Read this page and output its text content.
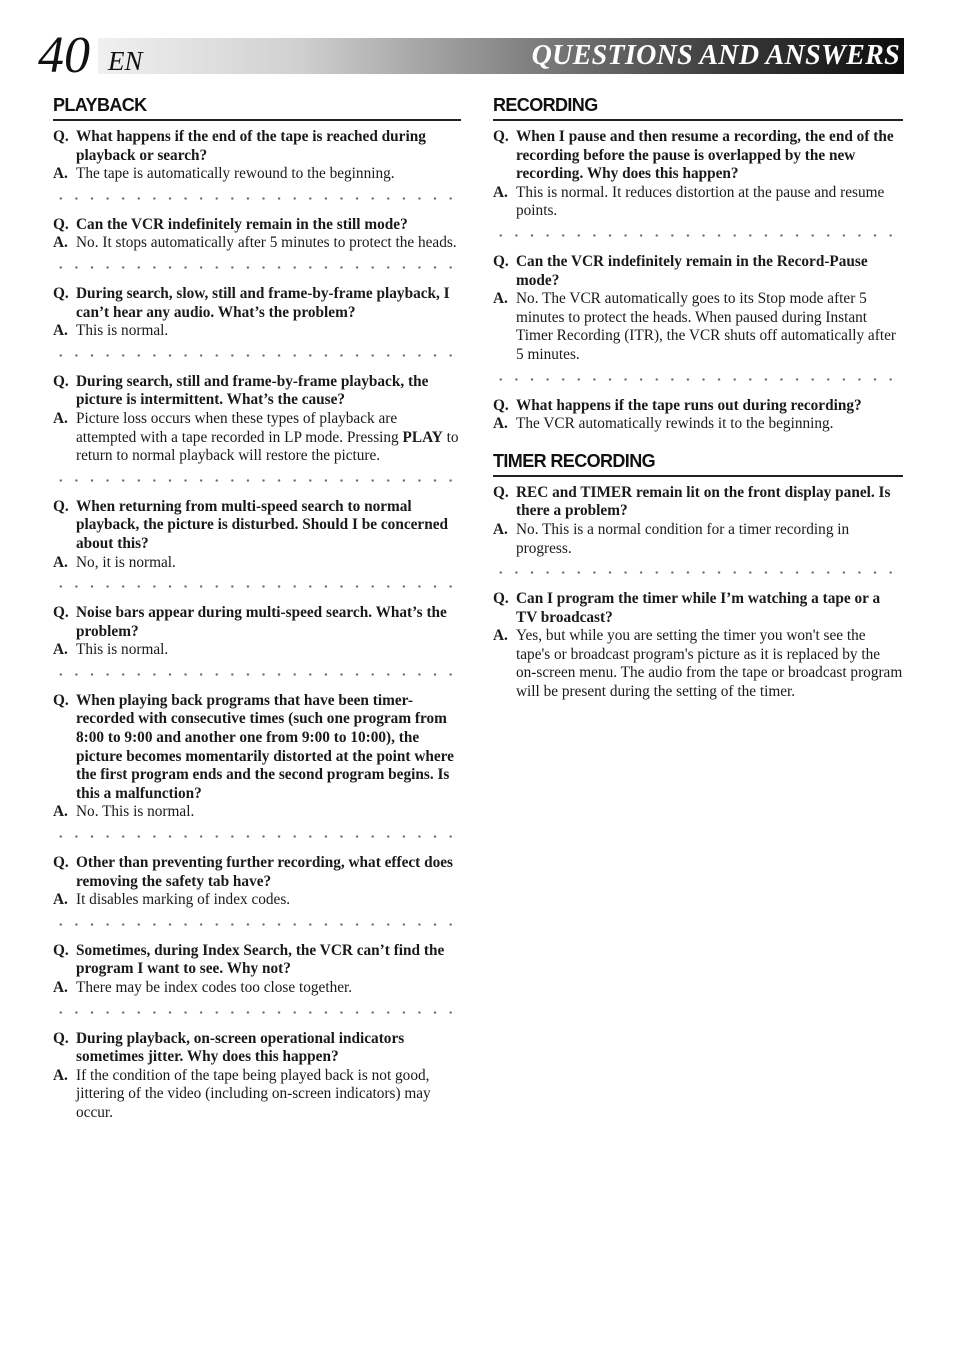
QUESTIONS AND ANSWERS
40 EN
PLAYBACK
Q. What happens if the end of the tape is reached during playback or search?
A. The tape is automatically rewound to the beginning.
Q. Can the VCR indefinitely remain in the still mode?
A. No. It stops automatically after 5 minutes to protect the heads.
Q. During search, slow, still and frame-by-frame playback, I can’t hear any audio. What’s the problem?
A. This is normal.
Q. During search, still and frame-by-frame playback, the picture is intermittent. What’s the cause?
A. Picture loss occurs when these types of playback are attempted with a tape recorded in LP mode. Pressing PLAY to return to normal playback will restore the picture.
Q. When returning from multi-speed search to normal playback, the picture is disturbed. Should I be concerned about this?
A. No, it is normal.
Q. Noise bars appear during multi-speed search. What’s the problem?
A. This is normal.
Q. When playing back programs that have been timer-recorded with consecutive times (such one program from 8:00 to 9:00 and another one from 9:00 to 10:00), the picture becomes momentarily distorted at the point where the first program ends and the second program begins. Is this a malfunction?
A. No. This is normal.
Q. Other than preventing further recording, what effect does removing the safety tab have?
A. It disables marking of index codes.
Q. Sometimes, during Index Search, the VCR can’t find the program I want to see. Why not?
A. There may be index codes too close together.
Q. During playback, on-screen operational indicators sometimes jitter. Why does this happen?
A. If the condition of the tape being played back is not good, jittering of the video (including on-screen indicators) may occur.
RECORDING
Q. When I pause and then resume a recording, the end of the recording before the pause is overlapped by the new recording. Why does this happen?
A. This is normal. It reduces distortion at the pause and resume points.
Q. Can the VCR indefinitely remain in the Record-Pause mode?
A. No. The VCR automatically goes to its Stop mode after 5 minutes to protect the heads. When paused during Instant Timer Recording (ITR), the VCR shuts off automatically after 5 minutes.
Q. What happens if the tape runs out during recording?
A. The VCR automatically rewinds it to the beginning.
TIMER RECORDING
Q. REC and TIMER remain lit on the front display panel. Is there a problem?
A. No. This is a normal condition for a timer recording in progress.
Q. Can I program the timer while I’m watching a tape or a TV broadcast?
A. Yes, but while you are setting the timer you won't see the tape's or broadcast program's picture as it is replaced by the on-screen menu. The audio from the tape or broadcast program will be present during the setting of the timer.
